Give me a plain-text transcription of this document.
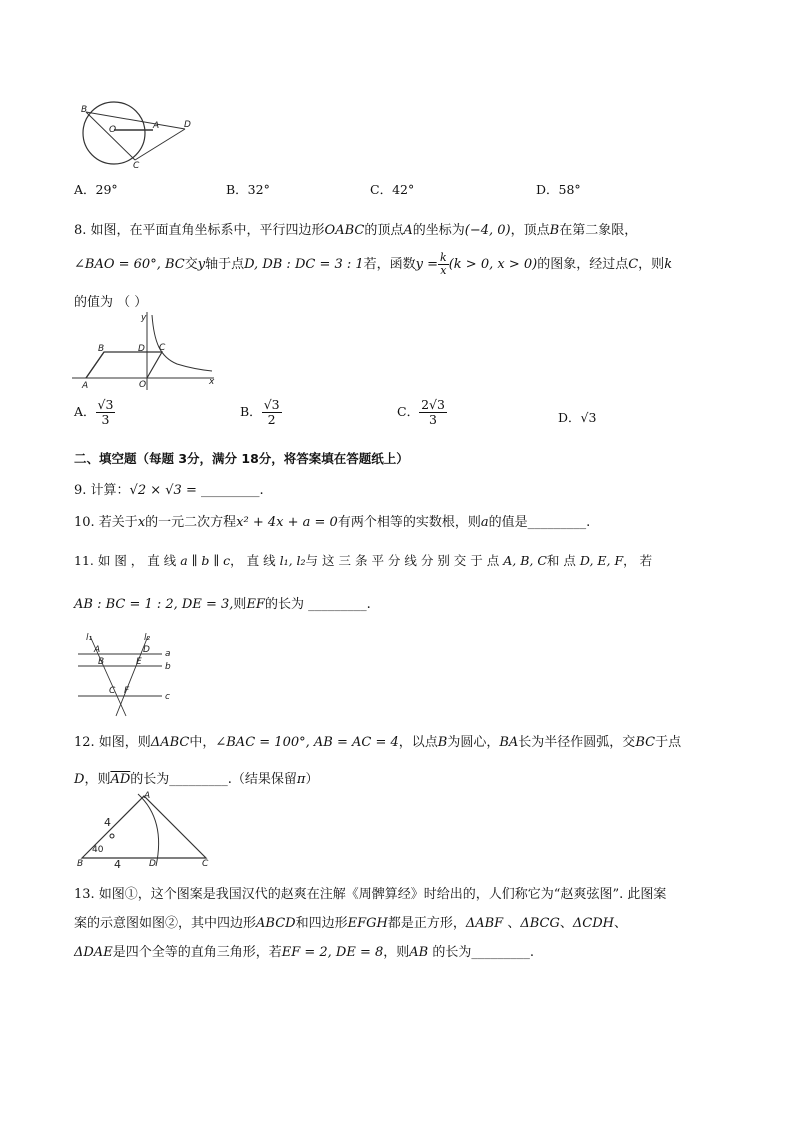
B
O	A	D
C
A．29°	B．32°	C．42°	D．58°
8. 如图，在平面直角坐标系中，平行四边形OABC的顶点A的坐标为(−4, 0)，顶点B在第二象限，
∠BAO = 60°, BC交y轴于点D, DB : DC = 3 : 1若，函数$y = \frac{k}{x} (k > 0$, x > 0)的图象，经过点C，则k
的值为 （ ）
y
B	D C
A	O	x
A． $\frac{√3}{3}$	B． $\frac{√3}{2}$	C． $\frac{2√3}{3}$	D．√3
二、填空题（每题 3分，满分 18分，将答案填在答题纸上）
9. 计算：√2 × √3 = _________.
10. 若关于x的一元二次方程x² + 4x + a = 0有两个相等的实数根，则a的值是_________.
11. 如 图 ， 直 线 a ∥ b ∥ c， 直 线 l₁, l₂与 这 三 条 平 分 线 分 别 交 于 点 A, B, C和 点 D, E, F， 若
AB : BC = 1 : 2, DE = 3,则EF的长为 _________.
l₁	l₂
A	D a
B	E	b
C F
c
12. 如图，则ΔABC中，∠BAC = 100°, AB = AC = 4，以点B为圆心，BA长为半径作圆弧，交BC于点
D，则$\overline{AD}$的长为_________.（结果保留π）
A
B	D	C
4
40
4
13. 如图①，这个图案是我国汉代的赵爽在注解《周髀算经》时给出的，人们称它为“赵爽弦图”. 此图案
案的示意图如图②，其中四边形ABCD和四边形EFGH都是正方形，ΔABF 、ΔBCG、ΔCDH、
ΔDAE是四个全等的直角三角形，若EF = 2, DE = 8，则AB 的长为_________.
